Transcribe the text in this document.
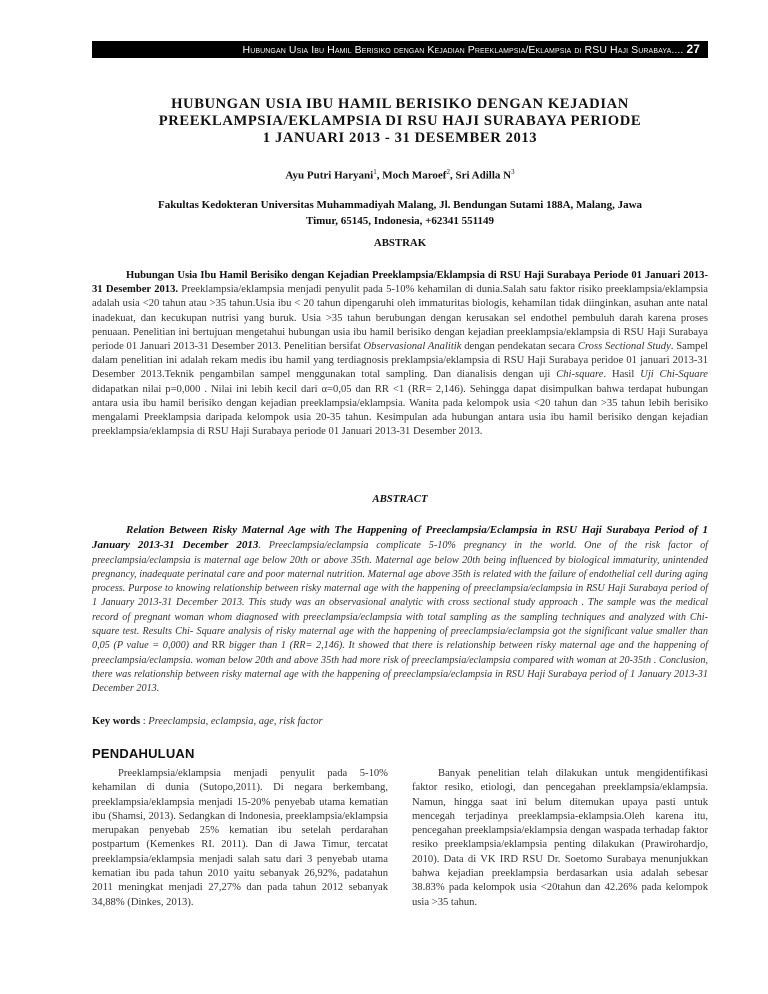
Hubungan Usia Ibu Hamil Berisiko dengan Kejadian Preeklampsia/Eklampsia di RSU Haji Surabaya.... 27
HUBUNGAN USIA IBU HAMIL BERISIKO DENGAN KEJADIAN
PREEKLAMPSIA/EKLAMPSIA DI RSU HAJI SURABAYA PERIODE
1 JANUARI 2013 - 31 DESEMBER 2013
Ayu Putri Haryani$^1$, Moch Maroef$^2$, Sri Adilla $N^3$
Fakultas Kedokteran Universitas Muhammadiyah Malang, Jl. Bendungan Sutami 188A, Malang, Jawa
Timur, 65145, Indonesia, +62341 551149
ABSTRAK

Hubungan Usia Ibu Hamil Berisiko dengan Kejadian Preeklampsia/Eklampsia di RSU Haji Surabaya Periode 01 Januari 2013-31 Desember 2013. Preeklampsia/eklampsia menjadi penyulit pada 5-10% kehamilan di dunia.Salah satu faktor risiko preeklampsia/eklampsia adalah usia <20 tahun atau >35 tahun.Usia ibu < 20 tahun dipengaruhi oleh immaturitas biologis, kehamilan tidak diinginkan, asuhan ante natal inadekuat, dan kecukupan nutrisi yang buruk. Usia >35 tahun berubungan dengan kerusakan sel endothel pembuluh darah karena proses penuaan. Penelitian ini bertujuan mengetahui hubungan usia ibu hamil berisiko dengan kejadian preeklampsia/eklampsia di RSU Haji Surabaya periode 01 Januari 2013-31 Desember 2013. Penelitian bersifat Observasional Analitik dengan pendekatan secara Cross Sectional Study. Sampel dalam penelitian ini adalah rekam medis ibu hamil yang terdiagnosis preklampsia/eklampsia di RSU Haji Surabaya peridoe 01 januari 2013-31 Desember 2013.Teknik pengambilan sampel menggunakan total sampling. Dan dianalisis dengan uji Chi-square. Hasil Uji Chi-Square didapatkan nilai p=0,000 . Nilai ini lebih kecil dari α=0,05 dan RR <1 (RR= 2,146). Sehingga dapat disimpulkan bahwa terdapat hubungan antara usia ibu hamil berisiko dengan kejadian preeklampsia/eklampsia. Wanita pada kelompok usia <20 tahun dan >35 tahun lebih berisiko mengalami Preeklampsia daripada kelompok usia 20-35 tahun. Kesimpulan ada hubungan antara usia ibu hamil berisiko dengan kejadian preeklampsia/eklampsia di RSU Haji Surabaya periode 01 Januari 2013-31 Desember 2013.

ABSTRACT

Relation Between Risky Maternal Age with The Happening of Preeclampsia/Eclampsia in RSU Haji Surabaya Period of 1 January 2013-31 December 2013. Preeclampsia/eclampsia complicate 5-10% pregnancy in the world. One of the risk factor of preeclampsia/eclampsia is maternal age below 20th or above 35th. Maternal age below 20th being influenced by biological immaturity, unintended pregnancy, inadequate perinatal care and poor maternal nutrition. Maternal age above 35th is related with the failure of endothelial cell during aging process. Purpose to knowing relationship between risky maternal age with the happening of preeclampsia/eclampsia in RSU Haji Surabaya period of 1 January 2013-31 December 2013. This study was an observasional analytic with cross sectional study approach . The sample was the medical record of pregnant woman whom diagnosed with preeclampsia/eclampsia with total sampling as the sampling techniques and analyzed with Chi- square test. Results Chi- Square analysis of risky maternal age with the happening of preeclampsia/eclampsia got the significant value smaller than 0,05 (P value = 0,000) and RR bigger than 1 (RR= 2,146). It showed that there is relationship between risky maternal age and the happening of preeclampsia/eclampsia. woman below 20th and above 35th had more risk of preeclampsia/eclampsia compared with woman at 20-35th . Conclusion, there was relationship between risky maternal age with the happening of preeclampsia/eclampsia in RSU Haji Surabaya period of 1 January 2013-31 December 2013.

Key words : Preeclampsia, eclampsia, age, risk factor
PENDAHULUAN

Preeklampsia/eklampsia menjadi penyulit pada 5-10% kehamilan di dunia (Sutopo,2011). Di negara berkembang, preeklampsia/eklampsia menjadi 15-20% penyebab utama kematian ibu (Shamsi, 2013). Sedangkan di Indonesia, preeklampsia/eklampsia merupakan penyebab 25% kematian ibu setelah perdarahan postpartum (Kemenkes RI. 2011). Dan di Jawa Timur, tercatat preeklampsia/eklampsia menjadi salah satu dari 3 penyebab utama kematian ibu pada tahun 2010 yaitu sebanyak 26,92%, padatahun 2011 meningkat menjadi 27,27% dan pada tahun 2012 sebanyak 34,88% (Dinkes, 2013).

Banyak penelitian telah dilakukan untuk mengidentifikasi faktor resiko, etiologi, dan pencegahan preeklampsia/eklampsia. Namun, hingga saat ini belum ditemukan upaya pasti untuk mencegah terjadinya preeklampsia-eklampsia.Oleh karena itu, pencegahan preeklampsia/eklampsia dengan waspada terhadap faktor resiko preeklampsia/eklampsia penting dilakukan (Prawirohardjo, 2010). Data di VK IRD RSU Dr. Soetomo Surabaya menunjukkan bahwa kejadian preeklampsia berdasarkan usia adalah sebesar 38.83% pada kelompok usia <20tahun dan 42.26% pada kelompok usia >35 tahun.
